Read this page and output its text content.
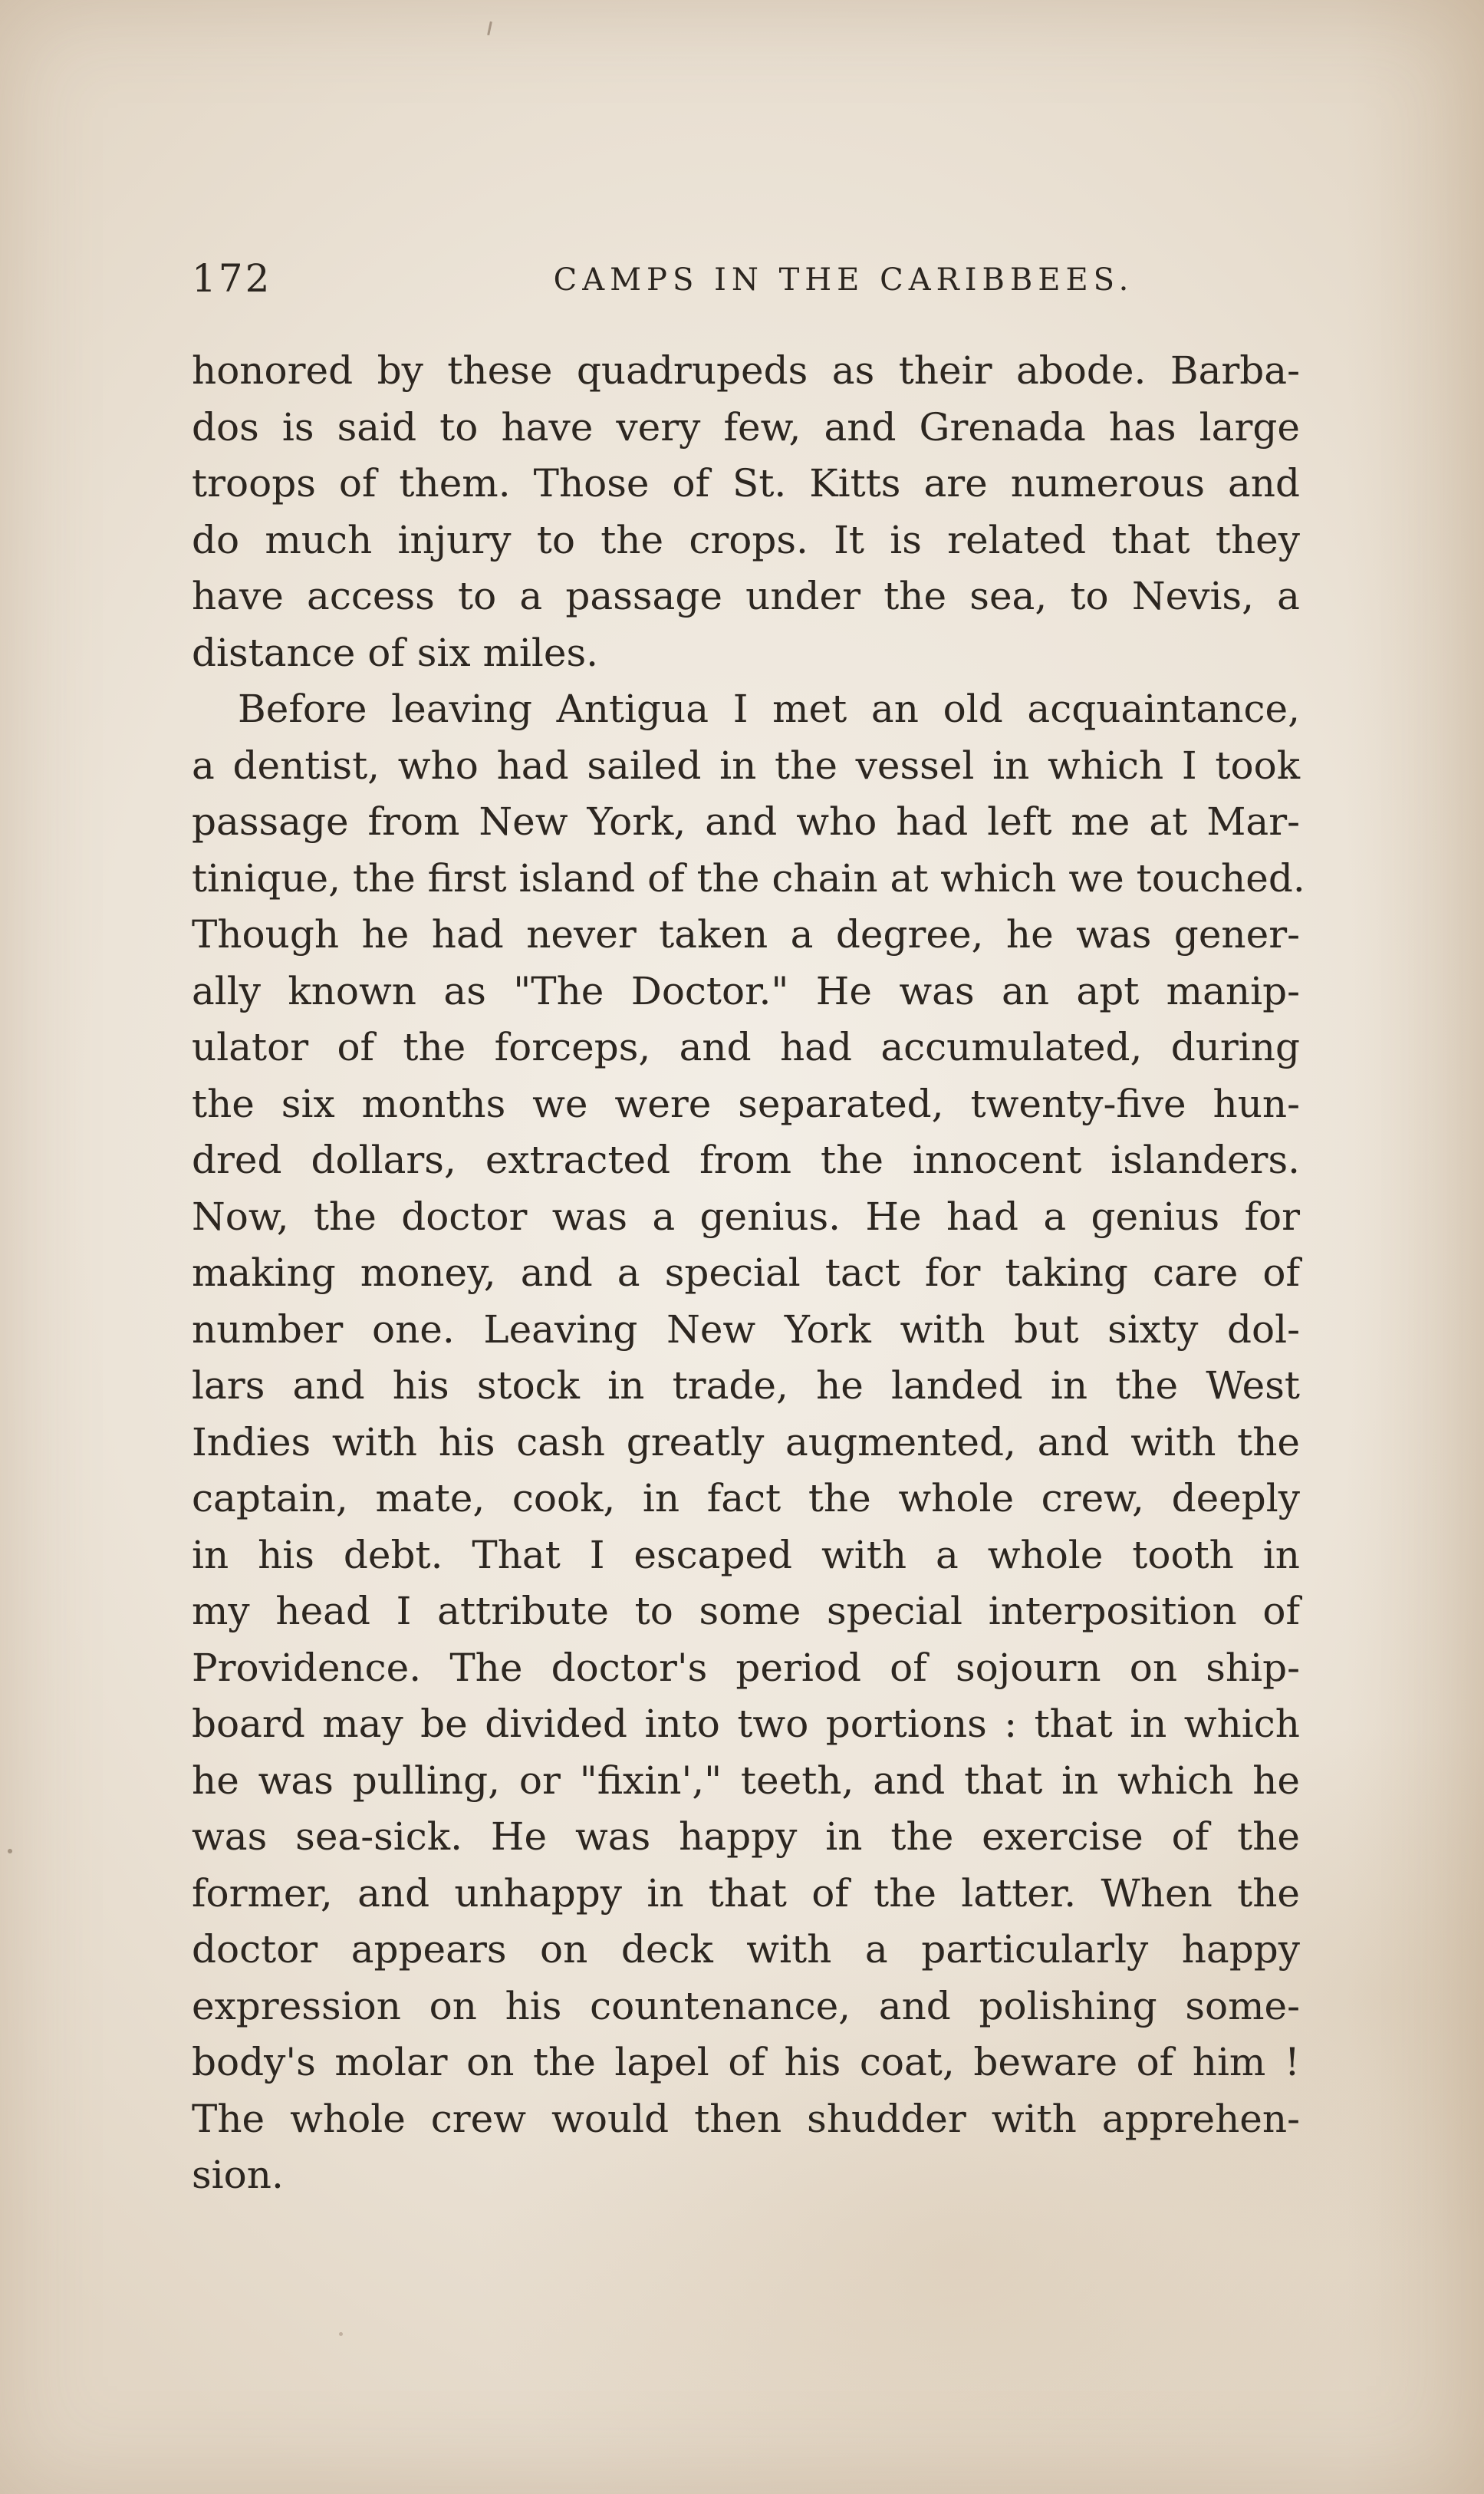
172	CAMPS IN THE CARIBBEES.
honored by these quadrupeds as their abode. Barba-
dos is said to have very few, and Grenada has large
troops of them. Those of St. Kitts are numerous and
do much injury to the crops. It is related that they
have access to a passage under the sea, to Nevis, a
distance of six miles.
Before leaving Antigua I met an old acquaintance,
a dentist, who had sailed in the vessel in which I took
passage from New York, and who had left me at Mar-
tinique, the first island of the chain at which we touched.
Though he had never taken a degree, he was gener-
ally known as "The Doctor." He was an apt manip-
ulator of the forceps, and had accumulated, during
the six months we were separated, twenty-five hun-
dred dollars, extracted from the innocent islanders.
Now, the doctor was a genius. He had a genius for
making money, and a special tact for taking care of
number one. Leaving New York with but sixty dol-
lars and his stock in trade, he landed in the West
Indies with his cash greatly augmented, and with the
captain, mate, cook, in fact the whole crew, deeply
in his debt. That I escaped with a whole tooth in
my head I attribute to some special interposition of
Providence. The doctor's period of sojourn on ship-
board may be divided into two portions : that in which
he was pulling, or "fixin'," teeth, and that in which he
was sea-sick. He was happy in the exercise of the
former, and unhappy in that of the latter. When the
doctor appears on deck with a particularly happy
expression on his countenance, and polishing some-
body's molar on the lapel of his coat, beware of him !
The whole crew would then shudder with apprehen-
sion.
